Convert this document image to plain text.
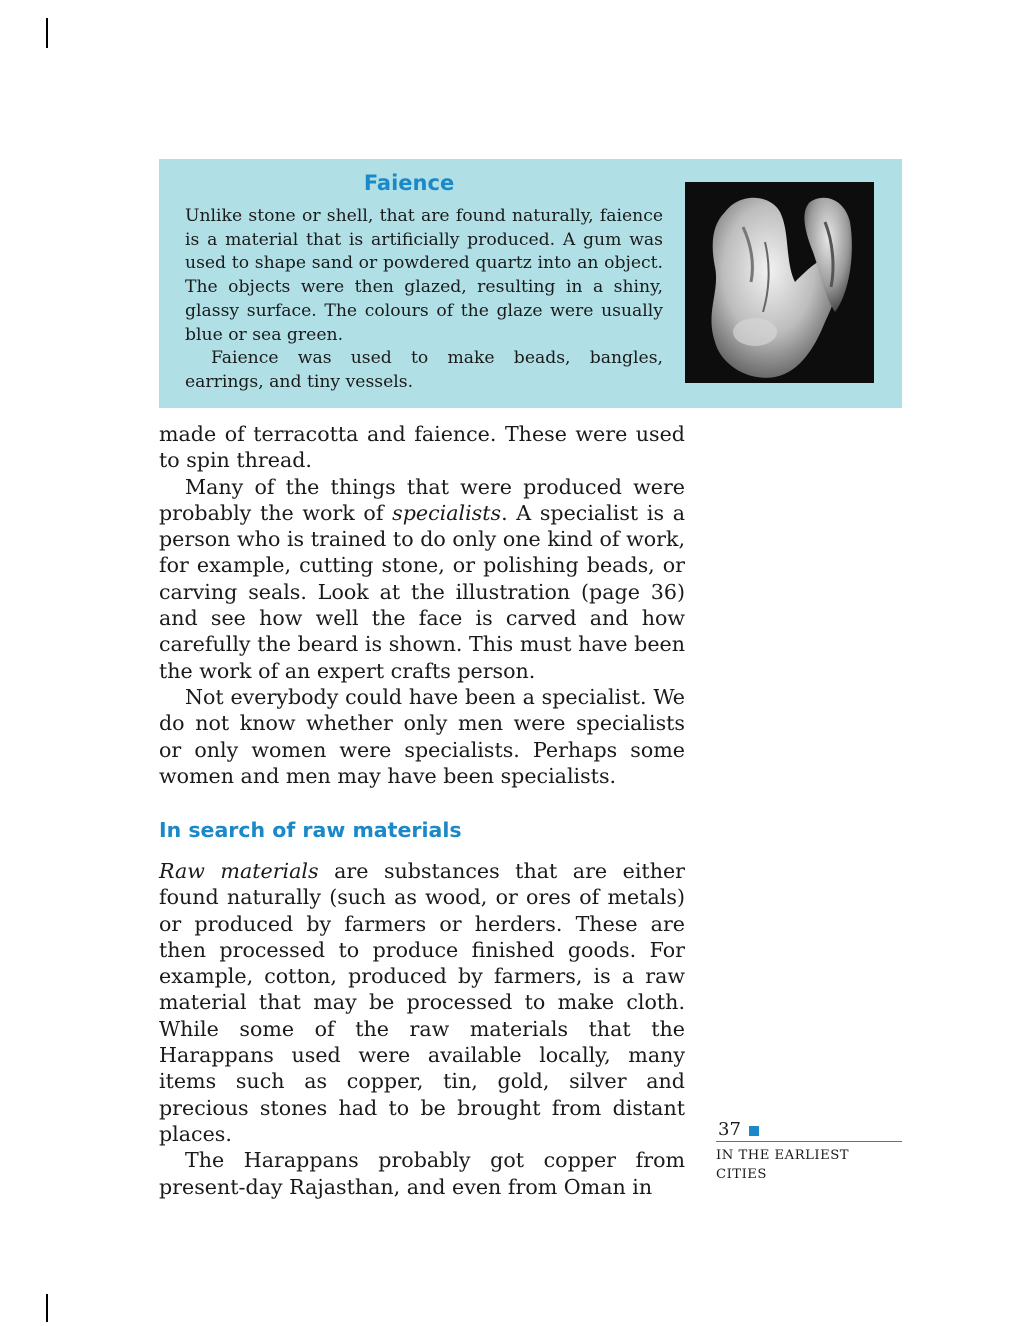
Faience

Unlike stone or shell, that are found naturally, faience is a material that is artificially produced. A gum was used to shape sand or powdered quartz into an object. The objects were then glazed, resulting in a shiny, glassy surface. The colours of the glaze were usually blue or sea green.

Faience was used to make beads, bangles, earrings, and tiny vessels.

made of terracotta and faience. These were used to spin thread.

Many of the things that were produced were probably the work of specialists. A specialist is a person who is trained to do only one kind of work, for example, cutting stone, or polishing beads, or carving seals. Look at the illustration (page 36) and see how well the face is carved and how carefully the beard is shown. This must have been the work of an expert crafts person.

Not everybody could have been a specialist. We do not know whether only men were specialists or only women were specialists. Perhaps some women and men may have been specialists.

In search of raw materials

Raw materials are substances that are either found naturally (such as wood, or ores of metals) or produced by farmers or herders. These are then processed to produce finished goods. For example, cotton, produced by farmers, is a raw material that may be processed to make cloth. While some of the raw materials that the Harappans used were available locally, many items such as copper, tin, gold, silver and precious stones had to be brought from distant places.

The Harappans probably got copper from present-day Rajasthan, and even from Oman in

37
IN THE EARLIEST
CITIES
